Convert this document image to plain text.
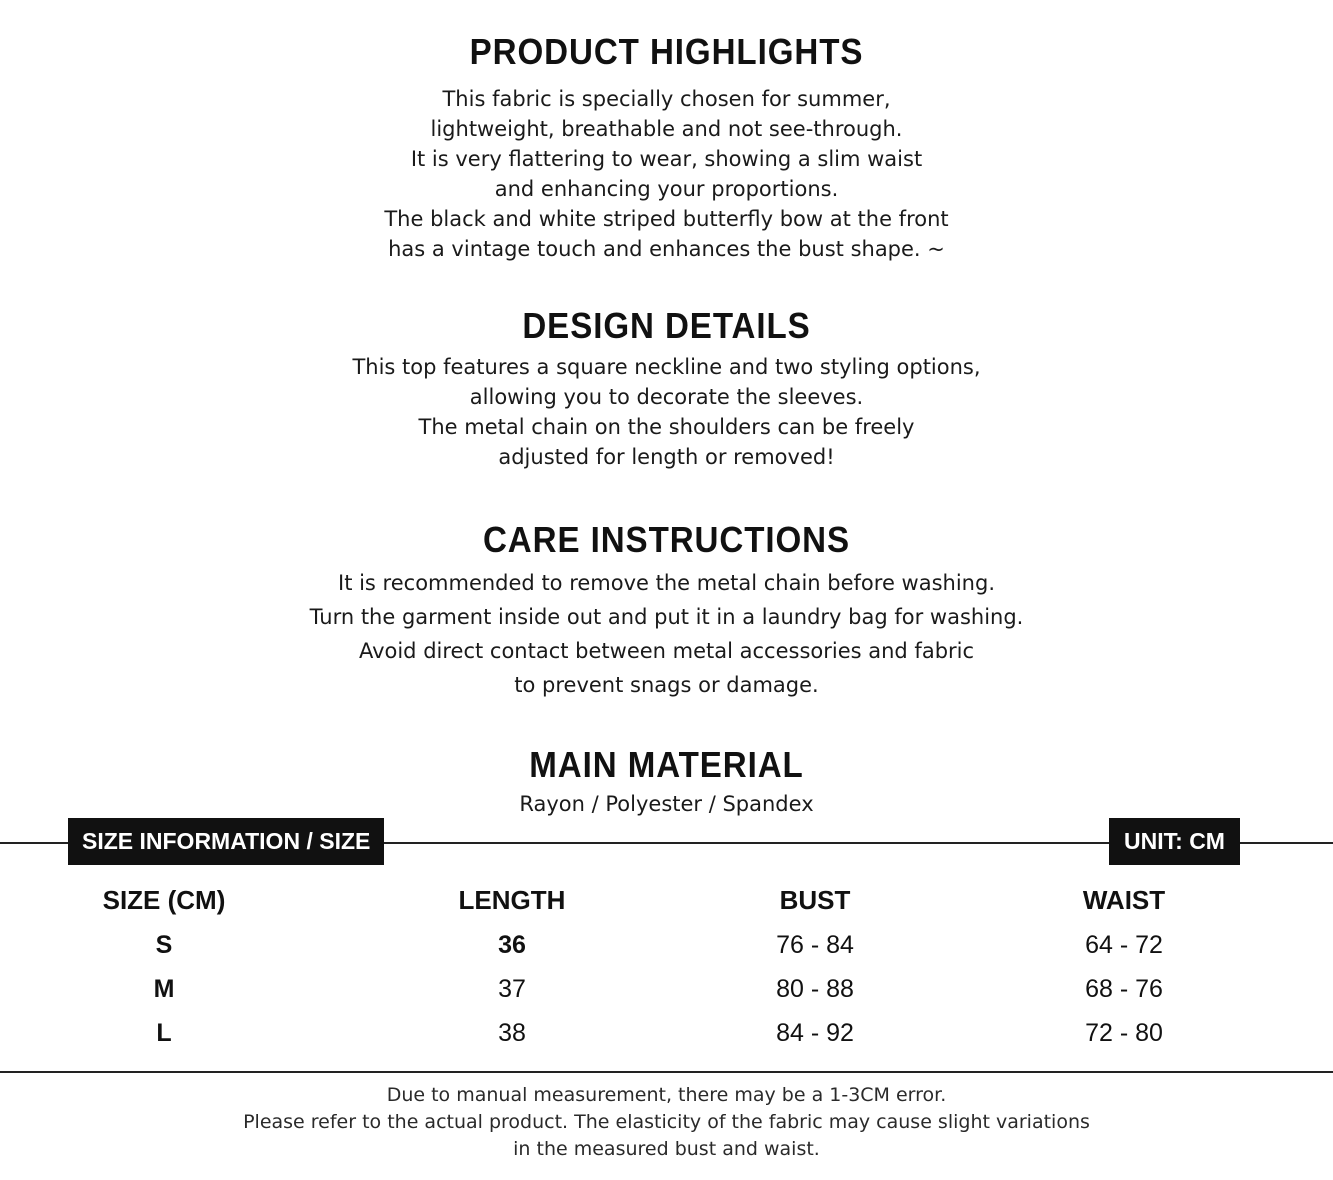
PRODUCT HIGHLIGHTS
This fabric is specially chosen for summer,
lightweight, breathable and not see-through.
It is very flattering to wear, showing a slim waist
and enhancing your proportions.
The black and white striped butterfly bow at the front
has a vintage touch and enhances the bust shape. ~
DESIGN DETAILS
This top features a square neckline and two styling options,
allowing you to decorate the sleeves.
The metal chain on the shoulders can be freely
adjusted for length or removed!
CARE INSTRUCTIONS
It is recommended to remove the metal chain before washing.
Turn the garment inside out and put it in a laundry bag for washing.
Avoid direct contact between metal accessories and fabric
to prevent snags or damage.
MAIN MATERIAL
Rayon / Polyester / Spandex
SIZE INFORMATION / SIZE	UNIT: CM
SIZE (CM)	LENGTH	BUST	WAIST
S	36	76 - 84	64 - 72
M	37	80 - 88	68 - 76
L	38	84 - 92	72 - 80
Due to manual measurement, there may be a 1-3CM error.
Please refer to the actual product. The elasticity of the fabric may cause slight variations
in the measured bust and waist.
